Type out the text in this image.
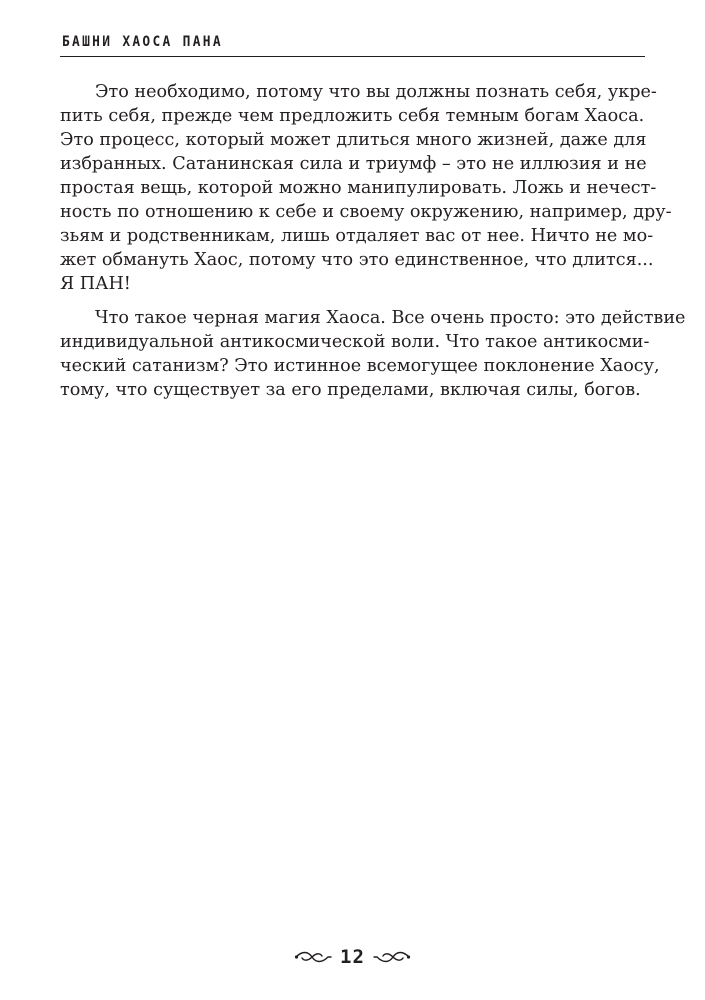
БАШНИ ХАОСА ПАНА
Это необходимо, потому что вы должны познать себя, укре-
пить себя, прежде чем предложить себя темным богам Хаоса.
Это процесс, который может длиться много жизней, даже для
избранных. Сатанинская сила и триумф – это не иллюзия и не
простая вещь, которой можно манипулировать. Ложь и нечест-
ность по отношению к себе и своему окружению, например, дру-
зьям и родственникам, лишь отдаляет вас от нее. Ничто не мо-
жет обмануть Хаос, потому что это единственное, что длится...
Я ПАН!
Что такое черная магия Хаоса. Все очень просто: это действие
индивидуальной антикосмической воли. Что такое антикосми-
ческий сатанизм? Это истинное всемогущее поклонение Хаосу,
тому, что существует за его пределами, включая силы, богов.
12
